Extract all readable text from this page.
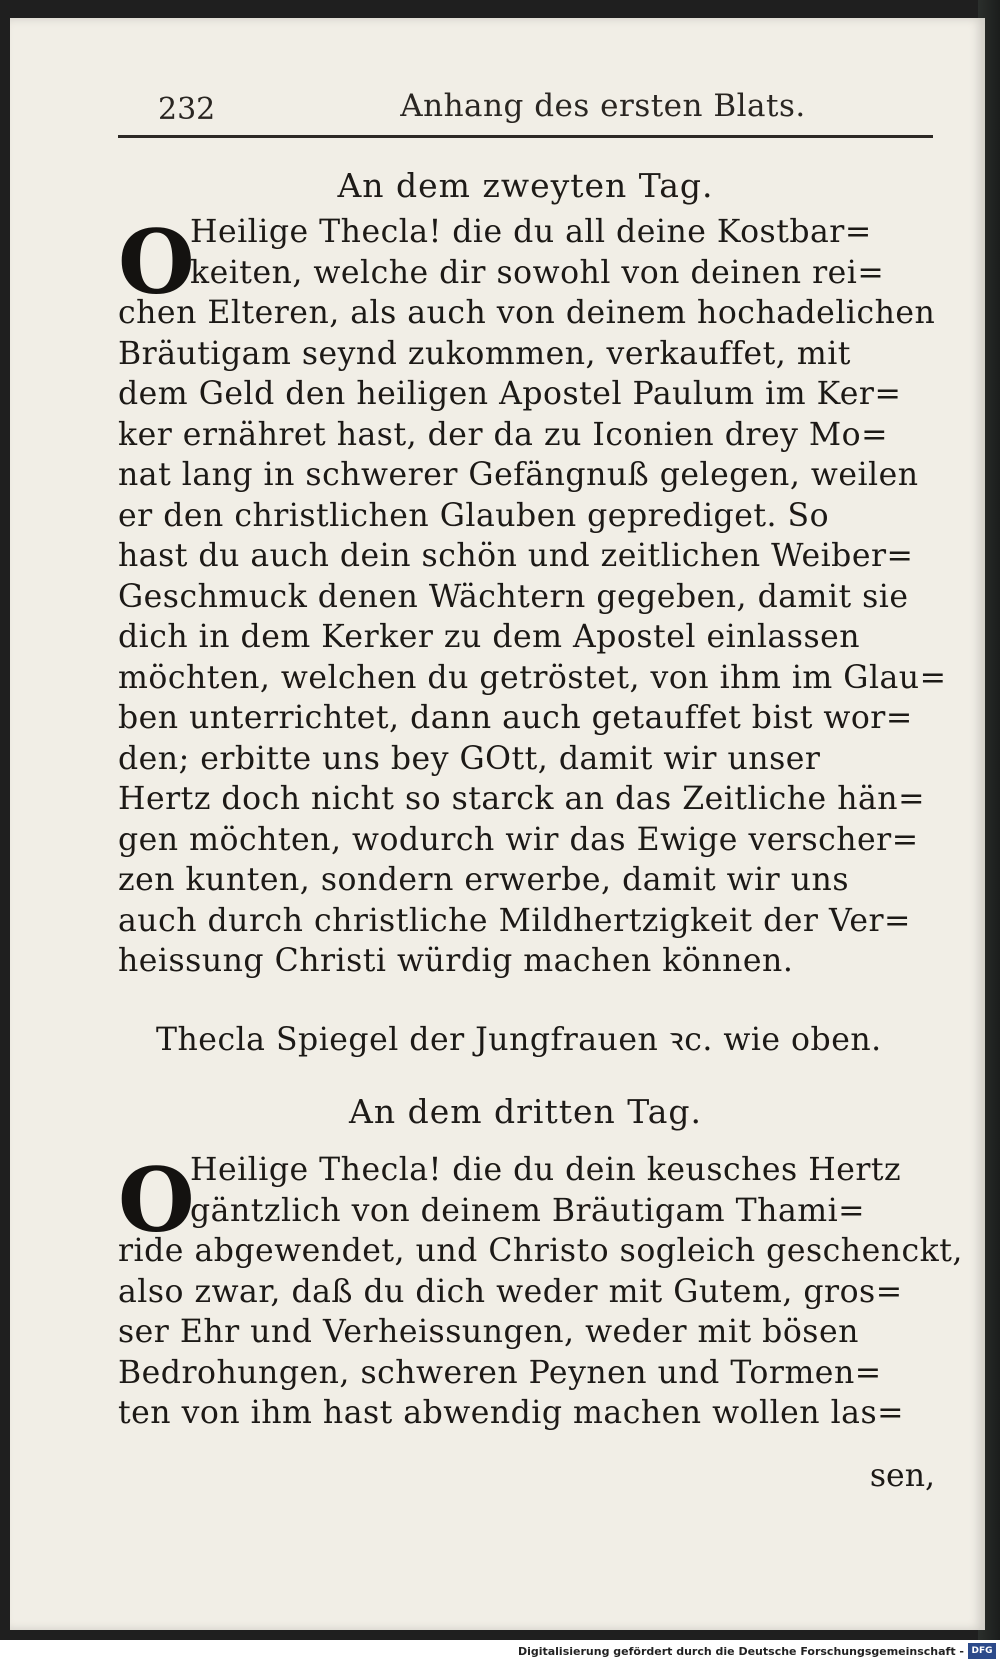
232	Anhang des ersten Blats.
An dem zweyten Tag.
O
Heilige Thecla! die du all deine Kostbar=
keiten, welche dir sowohl von deinen rei=
chen Elteren, als auch von deinem hochadelichen
Bräutigam seynd zukommen, verkauffet, mit
dem Geld den heiligen Apostel Paulum im Ker=
ker ernähret hast, der da zu Iconien drey Mo=
nat lang in schwerer Gefängnuß gelegen, weilen
er den christlichen Glauben geprediget. So
hast du auch dein schön und zeitlichen Weiber=
Geschmuck denen Wächtern gegeben, damit sie
dich in dem Kerker zu dem Apostel einlassen
möchten, welchen du getröstet, von ihm im Glau=
ben unterrichtet, dann auch getauffet bist wor=
den; erbitte uns bey GOtt, damit wir unser
Hertz doch nicht so starck an das Zeitliche hän=
gen möchten, wodurch wir das Ewige verscher=
zen kunten, sondern erwerbe, damit wir uns
auch durch christliche Mildhertzigkeit der Ver=
heissung Christi würdig machen können.
Thecla Spiegel der Jungfrauen ꝛc. wie oben.
An dem dritten Tag.
O
Heilige Thecla! die du dein keusches Hertz
gäntzlich von deinem Bräutigam Thami=
ride abgewendet, und Christo sogleich geschenckt,
also zwar, daß du dich weder mit Gutem, gros=
ser Ehr und Verheissungen, weder mit bösen
Bedrohungen, schweren Peynen und Tormen=
ten von ihm hast abwendig machen wollen las=
sen,
Digitalisierung gefördert durch die Deutsche Forschungsgemeinschaft - DFG
